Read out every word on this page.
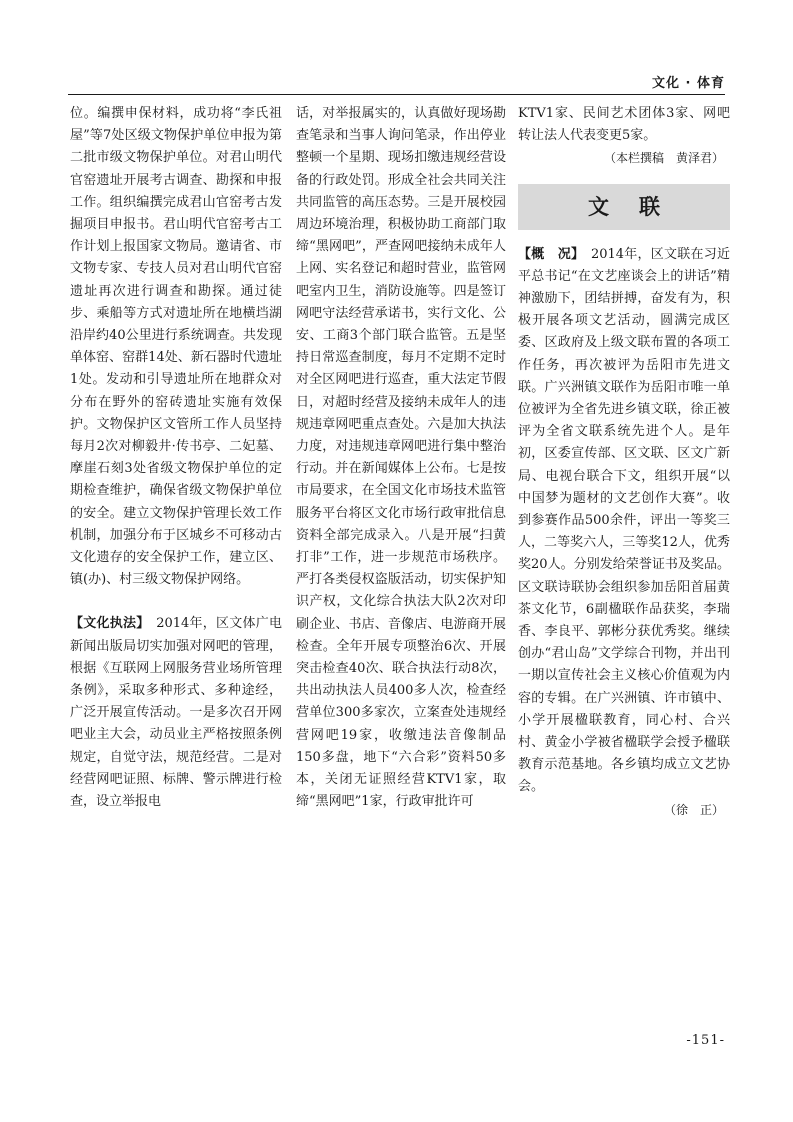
文化 · 体育

位。编撰申保材料，成功将“李氏祖屋”等7处区级文物保护单位申报为第二批市级文物保护单位。对君山明代官窑遗址开展考古调查、勘探和申报工作。组织编撰完成君山官窑考古发掘项目申报书。君山明代官窑考古工作计划上报国家文物局。邀请省、市文物专家、专技人员对君山明代官窑遗址再次进行调查和勘探。通过徒步、乘船等方式对遗址所在地横垱湖沿岸约40公里进行系统调查。共发现单体窑、窑群14处、新石器时代遗址1处。发动和引导遗址所在地群众对分布在野外的窑砖遗址实施有效保护。文物保护区文管所工作人员坚持每月2次对柳毅井·传书亭、二妃墓、摩崖石刻3处省级文物保护单位的定期检查维护，确保省级文物保护单位的安全。建立文物保护管理长效工作机制，加强分布于区城乡不可移动古文化遗存的安全保护工作，建立区、镇(办)、村三级文物保护网络。

【文化执法】　 2014年，区文体广电新闻出版局切实加强对网吧的管理，根据《互联网上网服务营业场所管理条例》，采取多种形式、多种途经，广泛开展宣传活动。一是多次召开网吧业主大会，动员业主严格按照条例规定，自觉守法，规范经营。二是对经营网吧证照、标牌、警示牌进行检查，设立举报电

话，对举报属实的，认真做好现场勘查笔录和当事人询问笔录，作出停业整顿一个星期、现场扣缴违规经营设备的行政处罚。形成全社会共同关注共同监管的高压态势。三是开展校园周边环境治理，积极协助工商部门取缔“黑网吧”，严查网吧接纳未成年人上网、实名登记和超时营业，监管网吧室内卫生，消防设施等。四是签订网吧守法经营承诺书，实行文化、公安、工商3个部门联合监管。五是坚持日常巡查制度，每月不定期不定时对全区网吧进行巡查，重大法定节假日，对超时经营及接纳未成年人的违规违章网吧重点查处。六是加大执法力度，对违规违章网吧进行集中整治行动。并在新闻媒体上公布。七是按市局要求，在全国文化市场技术监管服务平台将区文化市场行政审批信息资料全部完成录入。八是开展“扫黄打非”工作，进一步规范市场秩序。严打各类侵权盗版活动，切实保护知识产权，文化综合执法大队2次对印刷企业、书店、音像店、电游商开展检查。全年开展专项整治6次、开展突击检查40次、联合执法行动8次，共出动执法人员400多人次，检查经营单位300多家次，立案查处违规经营网吧19家，收缴违法音像制品150多盘，地下“六合彩”资料50多本，关闭无证照经营KTV1家，取缔“黑网吧”1家，行政审批许可

KTV1家、民间艺术团体3家、网吧转让法人代表变更5家。

（本栏撰稿　黄泽君）

文联

【概　况】　 2014年，区文联在习近平总书记“在文艺座谈会上的讲话”精神激励下，团结拼搏，奋发有为，积极开展各项文艺活动，圆满完成区委、区政府及上级文联布置的各项工作任务，再次被评为岳阳市先进文联。广兴洲镇文联作为岳阳市唯一单位被评为全省先进乡镇文联，徐正被评为全省文联系统先进个人。是年初，区委宣传部、区文联、区文广新局、电视台联合下文，组织开展“以中国梦为题材的文艺创作大赛”。收到参赛作品500余件，评出一等奖三人，二等奖六人，三等奖12人，优秀奖20人。分别发给荣誉证书及奖品。区文联诗联协会组织参加岳阳首届黄茶文化节，6副楹联作品获奖，李瑞香、李良平、郭彬分获优秀奖。继续创办“君山岛”文学综合刊物，并出刊一期以宣传社会主义核心价值观为内容的专辑。在广兴洲镇、许市镇中、小学开展楹联教育，同心村、合兴村、黄金小学被省楹联学会授予楹联教育示范基地。各乡镇均成立文艺协会。

（徐　正）

-151-
